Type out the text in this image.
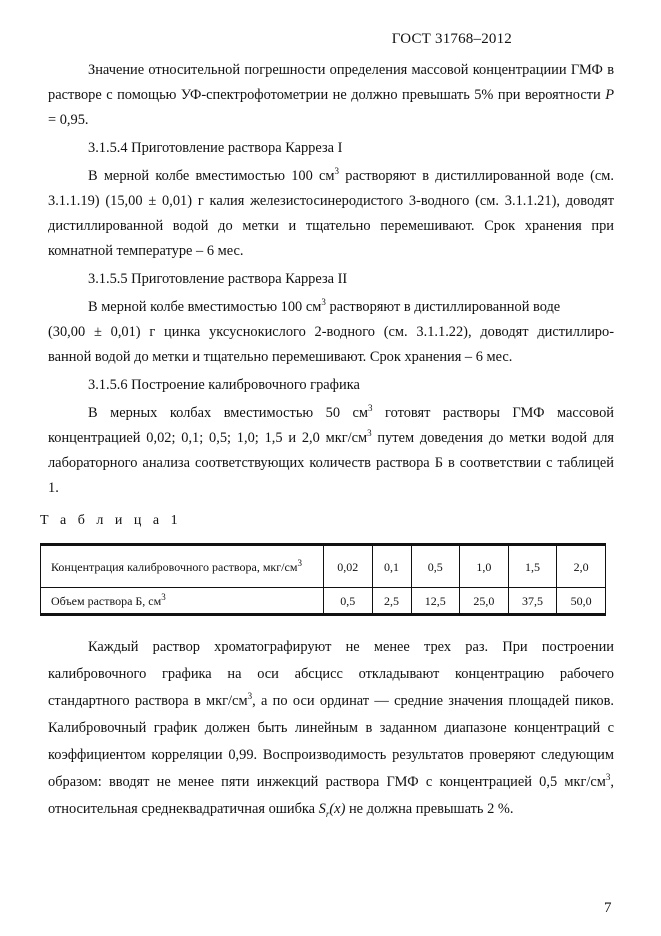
ГОСТ 31768–2012

Значение относительной погрешности определения массовой концентрациии ГМФ в растворе с помощью УФ-спектрофотометрии не должно превышать 5% при вероятности P = 0,95.

3.1.5.4 Приготовление раствора Карреза I

В мерной колбе вместимостью 100 $см^3$ растворяют в дистиллированной воде (см. 3.1.1.19) (15,00 ± 0,01) г калия железистосинеродистого 3-водного (см. 3.1.1.21), доводят дистиллированной водой до метки и тщательно перемешивают. Срок хранения при комнатной температуре – 6 мес.

3.1.5.5 Приготовление раствора Карреза II

В мерной колбе вместимостью 100 $см^3$ растворяют в дистиллированной воде

(30,00 ± 0,01) г цинка уксуснокислого 2-водного (см. 3.1.1.22), доводят дистиллиро-

ванной водой до метки и тщательно перемешивают. Срок хранения – 6 мес.

3.1.5.6 Построение калибровочного графика

В мерных колбах вместимостью 50 $см^3$ готовят растворы ГМФ массовой концентрацией 0,02; 0,1; 0,5; 1,0; 1,5 и 2,0 мкг/$см^3$ путем доведения до метки водой для лабораторного анализа соответствующих количеств раствора Б в соответствии с таблицей 1.

Т а б л и ц а 1
Концентрация калибровочного раствора, мкг/$см^3$	0,02	0,1	0,5	1,0	1,5	2,0
Объем раствора Б, $см^3$	0,5	2,5	12,5	25,0	37,5	50,0

Каждый раствор хроматографируют не менее трех раз. При построении калибровочного графика на оси абсцисс откладывают концентрацию рабочего стандартного раствора в мкг/$см^3$, а по оси ординат — средние значения площадей пиков. Калибровочный график должен быть линейным в заданном диапазоне концентраций с коэффициентом корреляции 0,99. Воспроизводимость результатов проверяют следующим образом: вводят не менее пяти инжекций раствора ГМФ с концентрацией 0,5 мкг/$см^3$, относительная среднеквадратичная ошибка $S_r(x)$ не должна превышать 2 %.

7
